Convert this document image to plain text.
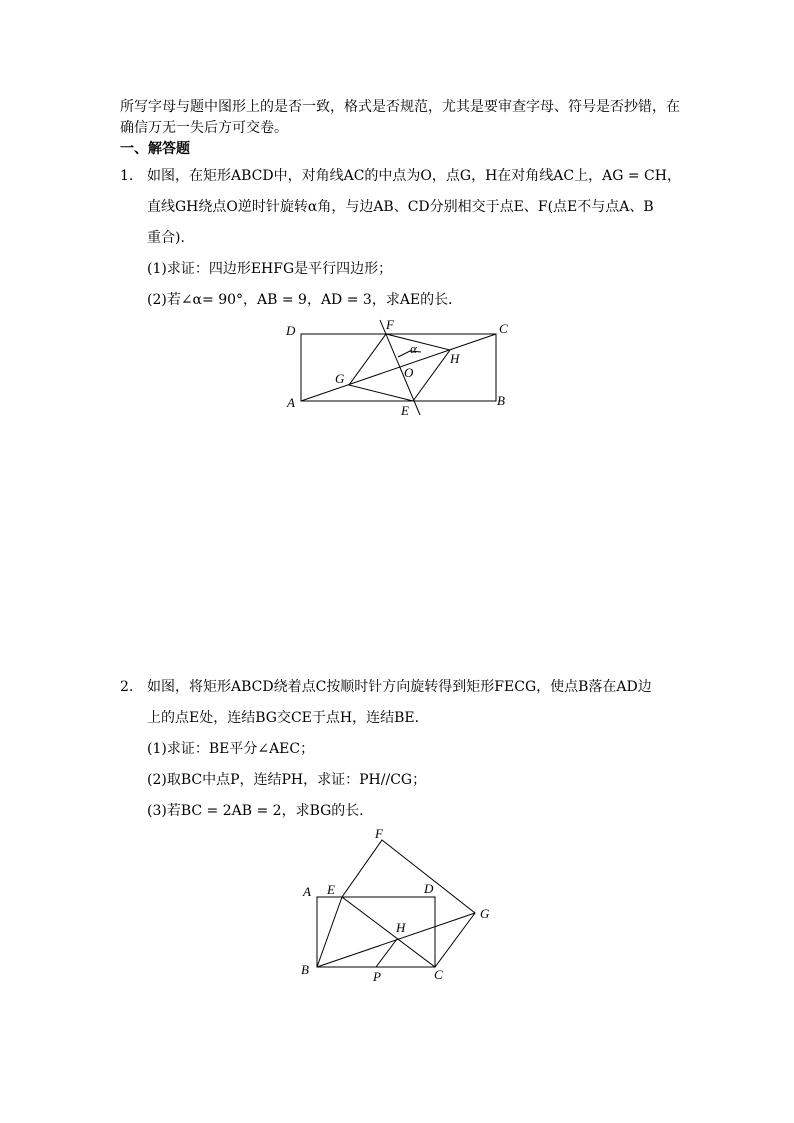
所写字母与题中图形上的是否一致，格式是否规范，尤其是要审查字母、符号是否抄错，在
确信万无一失后方可交卷。
一、解答题
1. 如图，在矩形ABCD中，对角线AC的中点为O，点G，H在对角线AC上，AG = CH，
直线GH绕点O逆时针旋转α角，与边AB、CD分别相交于点E、F(点E不与点A、B
重合)．
(1)求证：四边形EHFG是平行四边形；
(2)若∠α= 90°，AB = 9，AD = 3，求AE的长．
D	C
A	B
F
E
G
H
O
α
2. 如图，将矩形ABCD绕着点C按顺时针方向旋转得到矩形FECG，使点B落在AD边
上的点E处，连结BG交CE于点H，连结BE．
(1)求证：BE平分∠AEC；
(2)取BC中点P，连结PH，求证：PH//CG；
(3)若BC = 2AB = 2，求BG的长．
F
A E	D
G
H
B	P	C
